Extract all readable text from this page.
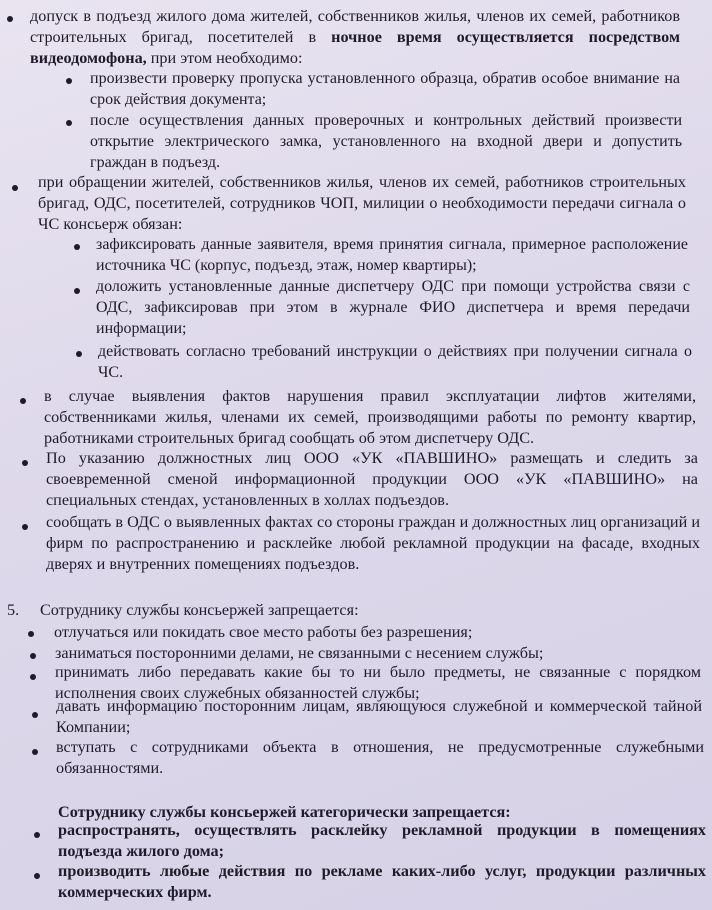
допуск в подъезд жилого дома жителей, собственников жилья, членов их семей, работников строительных бригад, посетителей в ночное время осуществляется посредством видеодомофона, при этом необходимо:

произвести проверку пропуска установленного образца, обратив особое внимание на срок действия документа;

после осуществления данных проверочных и контрольных действий произвести открытие электрического замка, установленного на входной двери и допустить граждан в подъезд.

при обращении жителей, собственников жилья, членов их семей, работников строительных бригад, ОДС, посетителей, сотрудников ЧОП, милиции о необходимости передачи сигнала о ЧС консьерж обязан:

зафиксировать данные заявителя, время принятия сигнала, примерное расположение источника ЧС (корпус, подъезд, этаж, номер квартиры);

доложить установленные данные диспетчеру ОДС при помощи устройства связи с ОДС, зафиксировав при этом в журнале ФИО диспетчера и время передачи информации;

действовать согласно требований инструкции о действиях при получении сигнала о ЧС.

в случае выявления фактов нарушения правил эксплуатации лифтов жителями, собственниками жилья, членами их семей, производящими работы по ремонту квартир, работниками строительных бригад сообщать об этом диспетчеру ОДС.

По указанию должностных лиц ООО «УК «ПАВШИНО» размещать и следить за своевременной сменой информационной продукции ООО «УК «ПАВШИНО» на специальных стендах, установленных в холлах подъездов.

сообщать в ОДС о выявленных фактах со стороны граждан и должностных лиц организаций и фирм по распространению и расклейке любой рекламной продукции на фасаде, входных дверях и внутренних помещениях подъездов.

5. Сотруднику службы консьержей запрещается:

отлучаться или покидать свое место работы без разрешения;

заниматься посторонними делами, не связанными с несением службы;

принимать либо передавать какие бы то ни было предметы, не связанные с порядком исполнения своих служебных обязанностей службы;

давать информацию посторонним лицам, являющуюся служебной и коммерческой тайной Компании;

вступать с сотрудниками объекта в отношения, не предусмотренные служебными обязанностями.

Сотруднику службы консьержей категорически запрещается:

распространять, осуществлять расклейку рекламной продукции в помещениях подъезда жилого дома;

производить любые действия по рекламе каких-либо услуг, продукции различных коммерческих фирм.
